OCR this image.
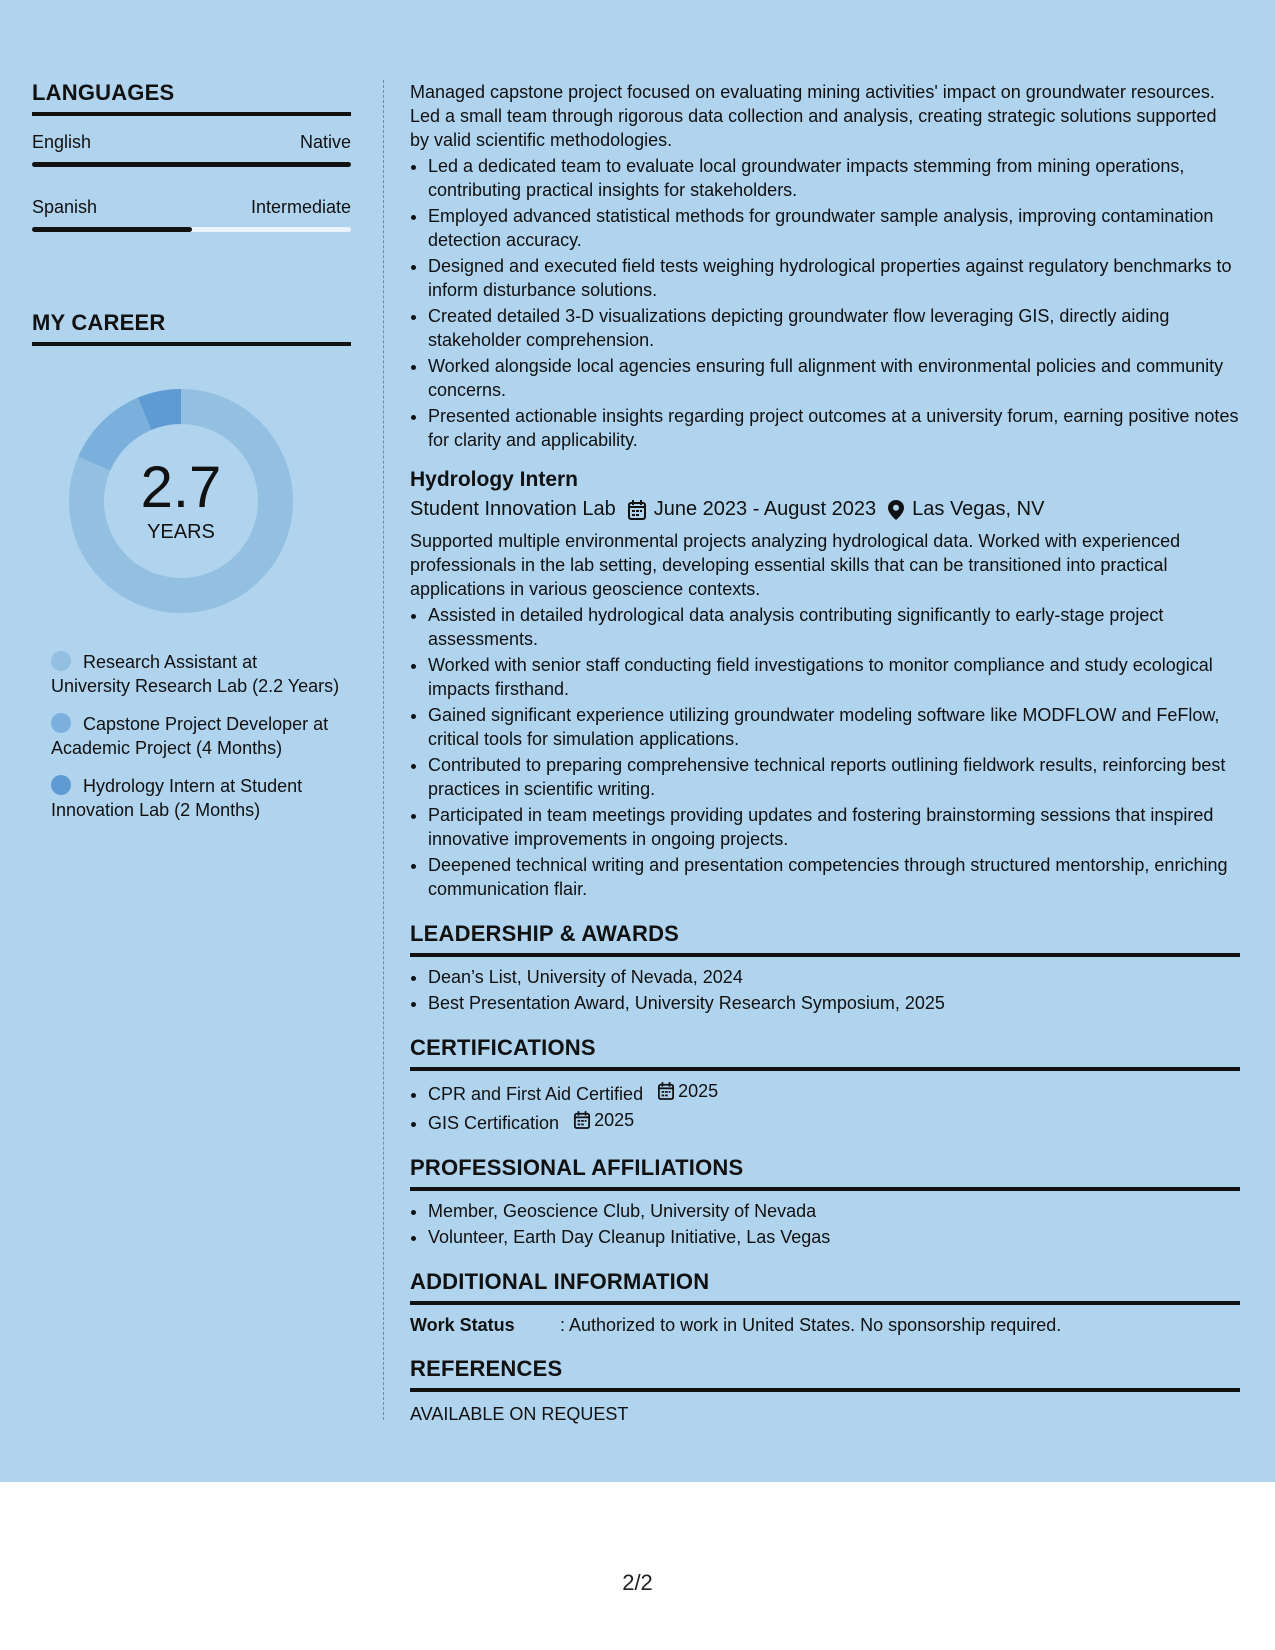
LANGUAGES
English	Native
Spanish	Intermediate
MY CAREER
2.7
YEARS
Research Assistant at University Research Lab (2.2 Years)
Capstone Project Developer at Academic Project (4 Months)
Hydrology Intern at Student Innovation Lab (2 Months)

Managed capstone project focused on evaluating mining activities' impact on groundwater resources. Led a small team through rigorous data collection and analysis, creating strategic solutions supported by valid scientific methodologies.

• Led a dedicated team to evaluate local groundwater impacts stemming from mining operations, contributing practical insights for stakeholders.
• Employed advanced statistical methods for groundwater sample analysis, improving contamination detection accuracy.
• Designed and executed field tests weighing hydrological properties against regulatory benchmarks to inform disturbance solutions.
• Created detailed 3-D visualizations depicting groundwater flow leveraging GIS, directly aiding stakeholder comprehension.
• Worked alongside local agencies ensuring full alignment with environmental policies and community concerns.
• Presented actionable insights regarding project outcomes at a university forum, earning positive notes for clarity and applicability.
Hydrology Intern
Student Innovation Lab June 2023 - August 2023 Las Vegas, NV

Supported multiple environmental projects analyzing hydrological data. Worked with experienced professionals in the lab setting, developing essential skills that can be transitioned into practical applications in various geoscience contexts.

• Assisted in detailed hydrological data analysis contributing significantly to early-stage project assessments.
• Worked with senior staff conducting field investigations to monitor compliance and study ecological impacts firsthand.
• Gained significant experience utilizing groundwater modeling software like MODFLOW and FeFlow, critical tools for simulation applications.
• Contributed to preparing comprehensive technical reports outlining fieldwork results, reinforcing best practices in scientific writing.
• Participated in team meetings providing updates and fostering brainstorming sessions that inspired innovative improvements in ongoing projects.
• Deepened technical writing and presentation competencies through structured mentorship, enriching communication flair.
LEADERSHIP & AWARDS
• Dean’s List, University of Nevada, 2024
• Best Presentation Award, University Research Symposium, 2025
CERTIFICATIONS
• CPR and First Aid Certified 2025
• GIS Certification 2025
PROFESSIONAL AFFILIATIONS
• Member, Geoscience Club, University of Nevada
• Volunteer, Earth Day Cleanup Initiative, Las Vegas
ADDITIONAL INFORMATION
Work Status	: Authorized to work in United States. No sponsorship required.
REFERENCES
AVAILABLE ON REQUEST
2/2
